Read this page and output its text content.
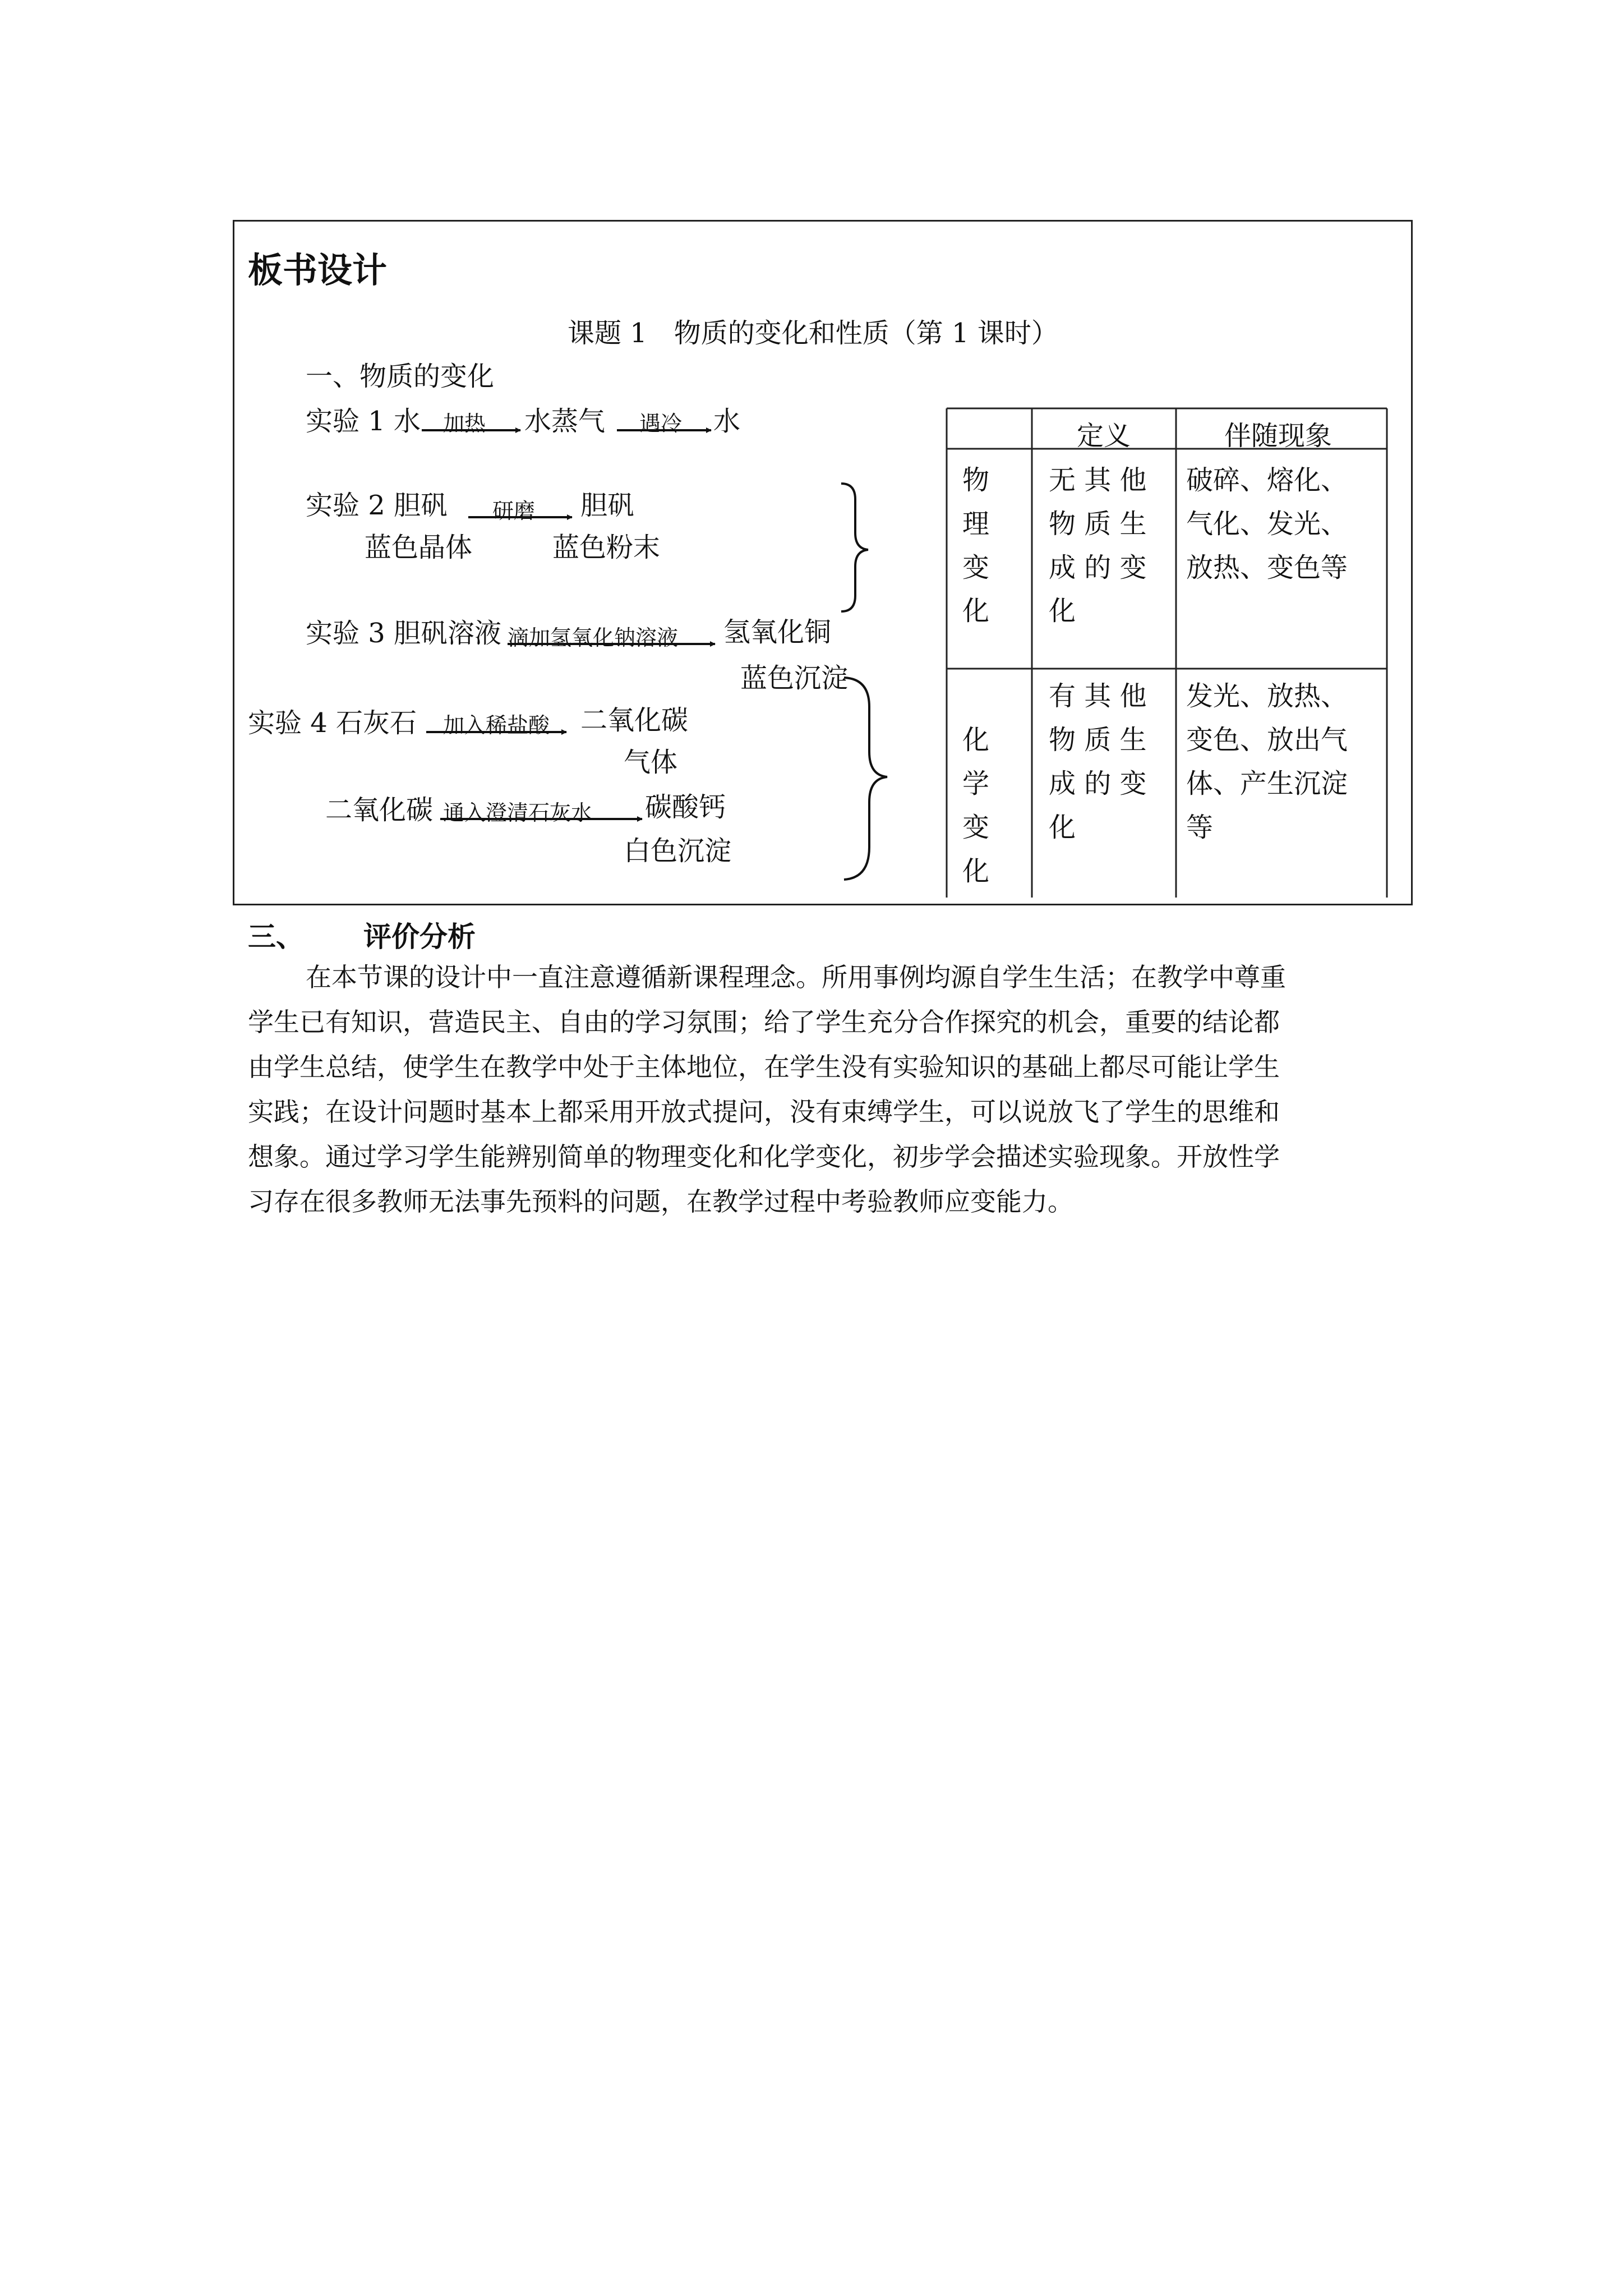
板书设计
课题 1　物质的变化和性质（第 1 课时）
一、物质的变化
实验 1 水 加热 水蒸气 遇冷 水
实验 2 胆矾
蓝色晶体
研磨 胆矾
蓝色粉末
实验 3 胆矾溶液 滴加氢氧化钠溶液 氢氧化铜
蓝色沉淀
实验 4 石灰石 加入稀盐酸 二氧化碳
气体
二氧化碳 通入澄清石灰水 碳酸钙
白色沉淀
定义	伴随现象
物
理
变
化
无 其 他
物 质 生
成 的 变
化
破碎、熔化、
气化、发光、
放热、变色等
化
学
变
化
有 其 他
物 质 生
成 的 变
化
发光、放热、
变色、放出气
体、产生沉淀
等
三、 评价分析
在本节课的设计中一直注意遵循新课程理念。所用事例均源自学生生活；在教学中尊重
学生已有知识，营造民主、自由的学习氛围；给了学生充分合作探究的机会，重要的结论都
由学生总结，使学生在教学中处于主体地位，在学生没有实验知识的基础上都尽可能让学生
实践；在设计问题时基本上都采用开放式提问，没有束缚学生，可以说放飞了学生的思维和
想象。通过学习学生能辨别简单的物理变化和化学变化，初步学会描述实验现象。开放性学
习存在很多教师无法事先预料的问题，在教学过程中考验教师应变能力。
